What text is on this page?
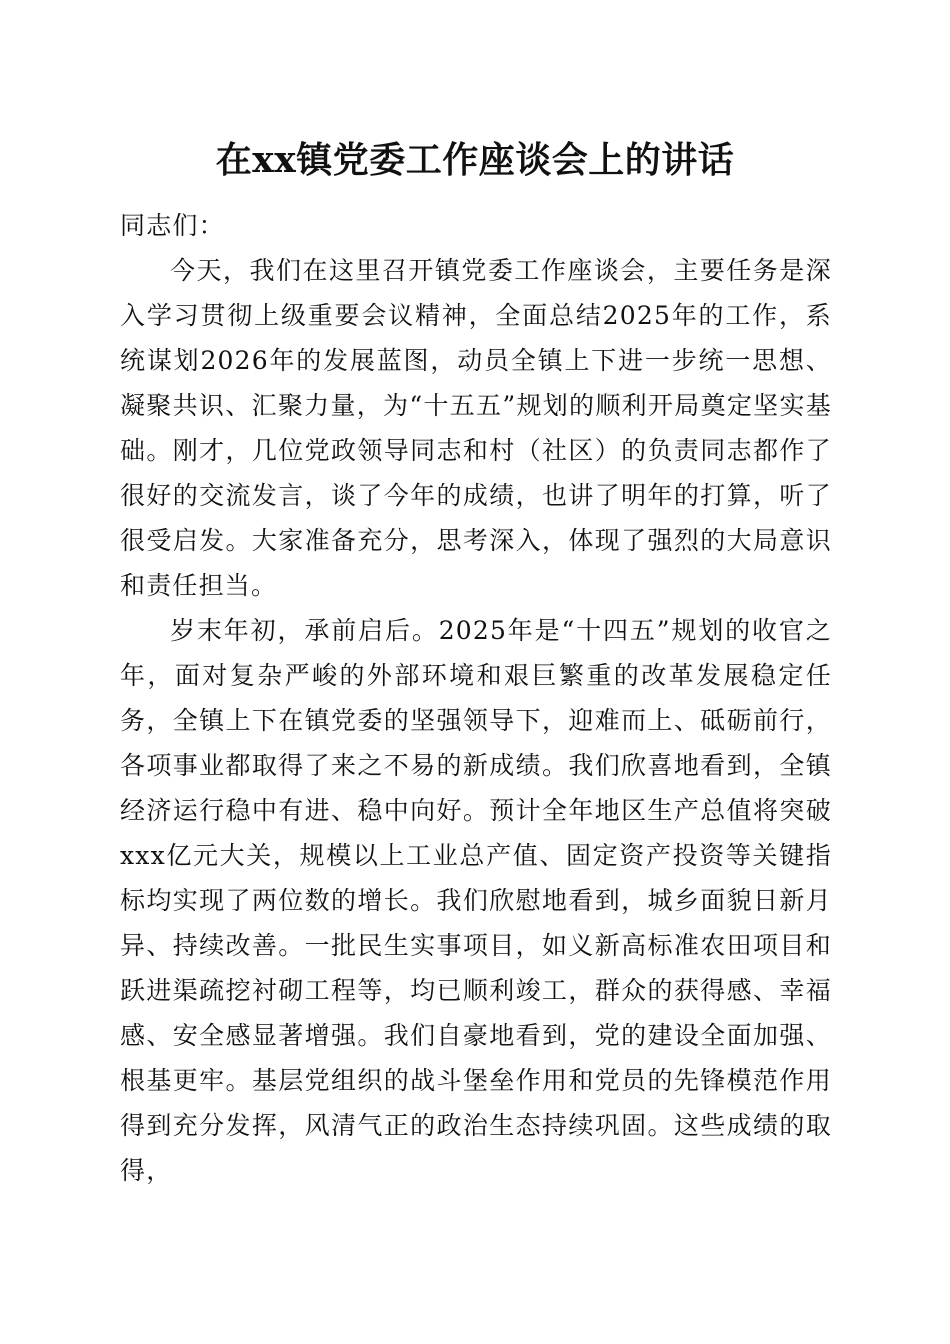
在xx镇党委工作座谈会上的讲话

同志们：

今天，我们在这里召开镇党委工作座谈会，主要任务是深入学习贯彻上级重要会议精神，全面总结2025年的工作，系统谋划2026年的发展蓝图，动员全镇上下进一步统一思想、凝聚共识、汇聚力量，为“十五五”规划的顺利开局奠定坚实基础。刚才，几位党政领导同志和村（社区）的负责同志都作了很好的交流发言，谈了今年的成绩，也讲了明年的打算，听了很受启发。大家准备充分，思考深入，体现了强烈的大局意识和责任担当。

岁末年初，承前启后。2025年是“十四五”规划的收官之年，面对复杂严峻的外部环境和艰巨繁重的改革发展稳定任务，全镇上下在镇党委的坚强领导下，迎难而上、砥砺前行，各项事业都取得了来之不易的新成绩。我们欣喜地看到，全镇经济运行稳中有进、稳中向好。预计全年地区生产总值将突破xxx亿元大关，规模以上工业总产值、固定资产投资等关键指标均实现了两位数的增长。我们欣慰地看到，城乡面貌日新月异、持续改善。一批民生实事项目，如义新高标准农田项目和跃进渠疏挖衬砌工程等，均已顺利竣工，群众的获得感、幸福感、安全感显著增强。我们自豪地看到，党的建设全面加强、根基更牢。基层党组织的战斗堡垒作用和党员的先锋模范作用得到充分发挥，风清气正的政治生态持续巩固。这些成绩的取得，
